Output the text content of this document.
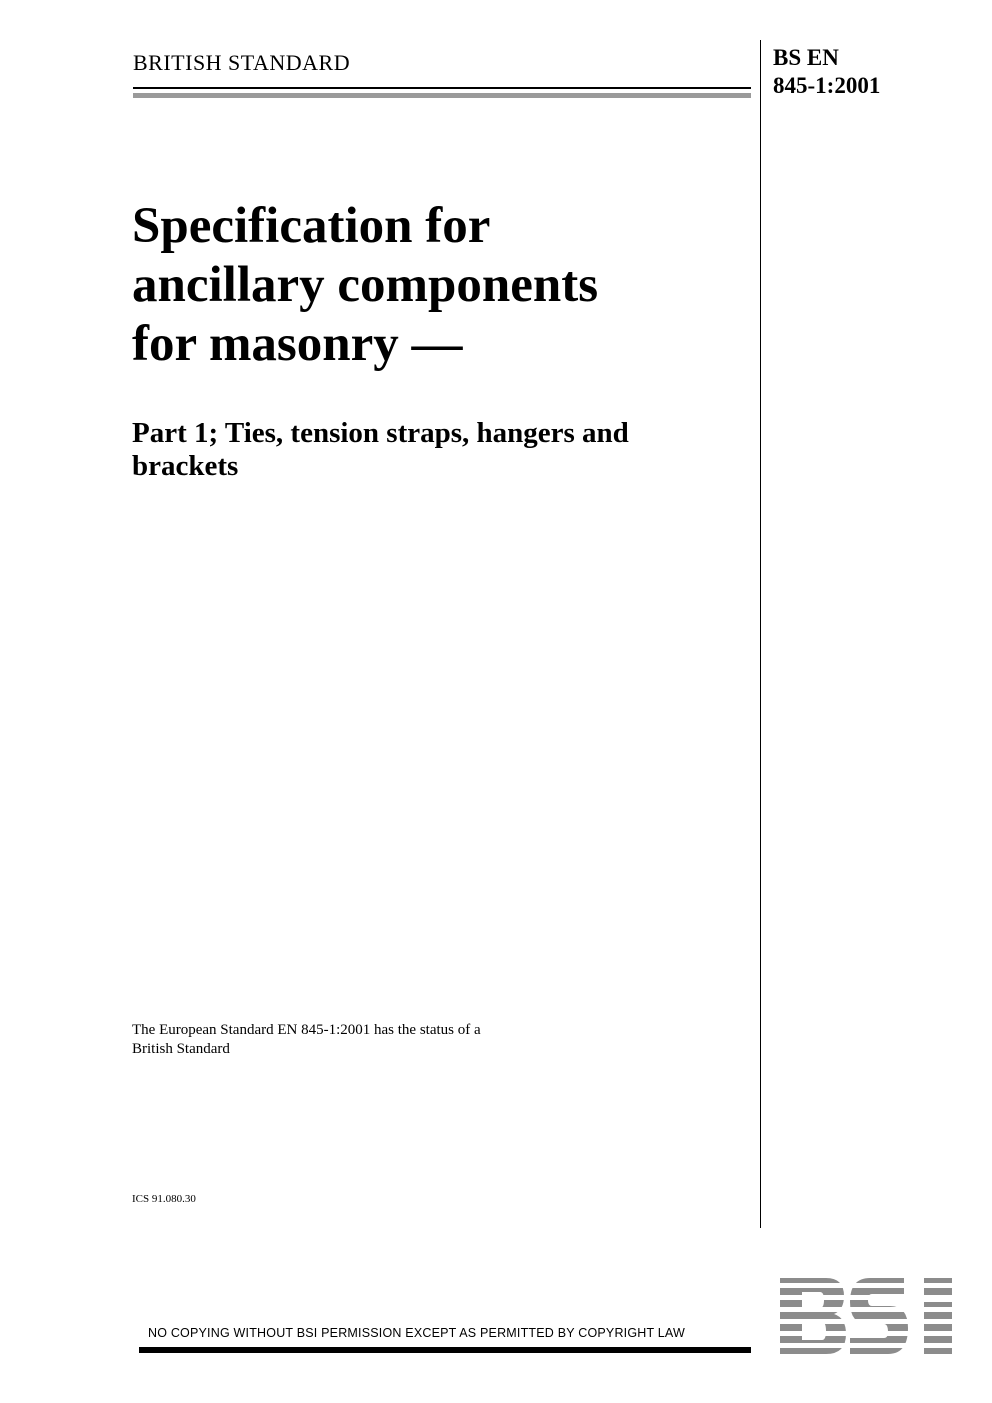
BRITISH STANDARD	BS EN
845-1:2001
Specification for
ancillary components
for masonry —
Part 1; Ties, tension straps, hangers and
brackets
The European Standard EN 845-1:2001 has the status of a
British Standard
ICS 91.080.30
NO COPYING WITHOUT BSI PERMISSION EXCEPT AS PERMITTED BY COPYRIGHT LAW
